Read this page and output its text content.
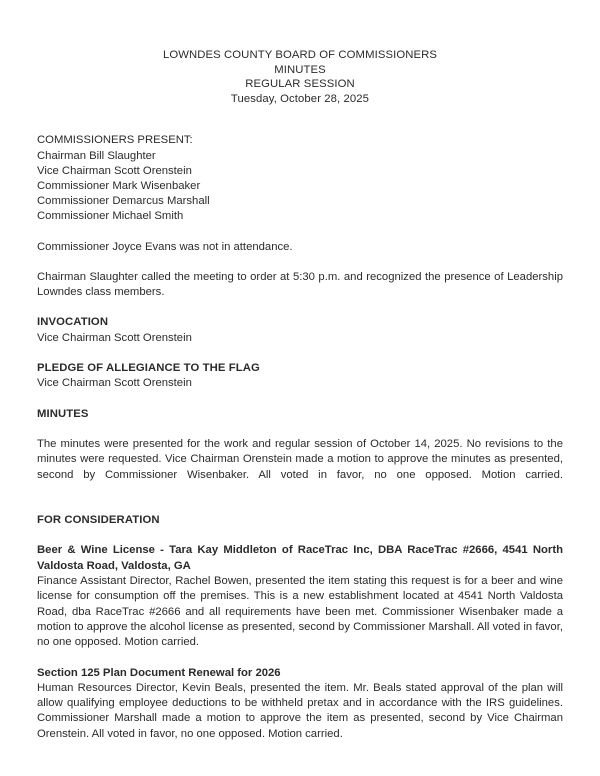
LOWNDES COUNTY BOARD OF COMMISSIONERS
MINUTES
REGULAR SESSION
Tuesday, October 28, 2025
COMMISSIONERS PRESENT:
Chairman Bill Slaughter
Vice Chairman Scott Orenstein
Commissioner Mark Wisenbaker
Commissioner Demarcus Marshall
Commissioner Michael Smith

Commissioner Joyce Evans was not in attendance.

Chairman Slaughter called the meeting to order at 5:30 p.m. and recognized the presence of Leadership Lowndes class members.

INVOCATION

Vice Chairman Scott Orenstein

PLEDGE OF ALLEGIANCE TO THE FLAG

Vice Chairman Scott Orenstein

MINUTES

The minutes were presented for the work and regular session of October 14, 2025. No revisions to the minutes were requested. Vice Chairman Orenstein made a motion to approve the minutes as presented, second by Commissioner Wisenbaker. All voted in favor, no one opposed. Motion carried.

FOR CONSIDERATION

Beer & Wine License - Tara Kay Middleton of RaceTrac Inc, DBA RaceTrac #2666, 4541 North Valdosta Road, Valdosta, GA

Finance Assistant Director, Rachel Bowen, presented the item stating this request is for a beer and wine license for consumption off the premises. This is a new establishment located at 4541 North Valdosta Road, dba RaceTrac #2666 and all requirements have been met. Commissioner Wisenbaker made a motion to approve the alcohol license as presented, second by Commissioner Marshall. All voted in favor, no one opposed. Motion carried.

Section 125 Plan Document Renewal for 2026

Human Resources Director, Kevin Beals, presented the item. Mr. Beals stated approval of the plan will allow qualifying employee deductions to be withheld pretax and in accordance with the IRS guidelines. Commissioner Marshall made a motion to approve the item as presented, second by Vice Chairman Orenstein. All voted in favor, no one opposed. Motion carried.
